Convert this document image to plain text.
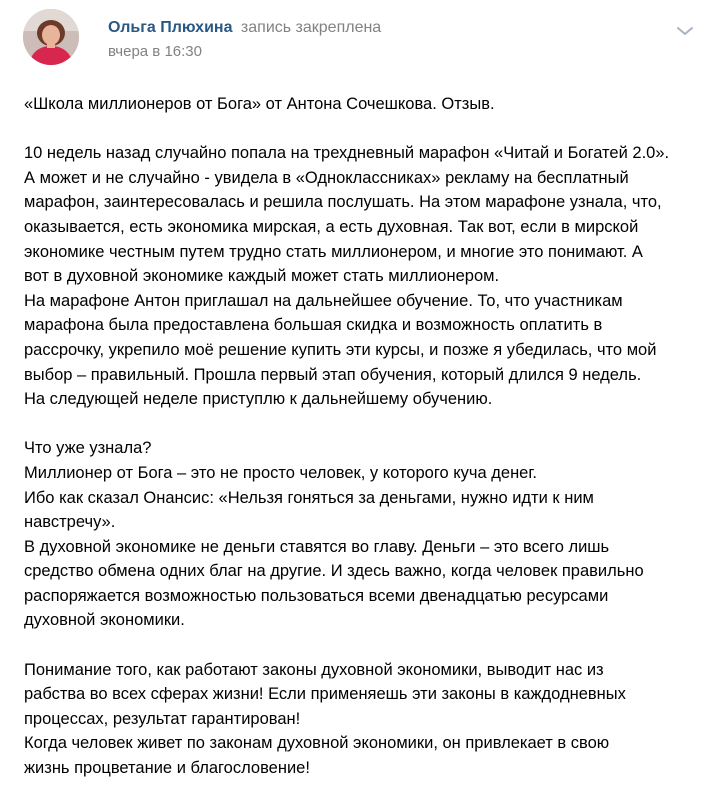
Ольга Плюхина запись закреплена
вчера в 16:30

«Школа миллионеров от Бога» от Антона Сочешкова. Отзыв.

10 недель назад случайно попала на трехдневный марафон «Читай и Богатей 2.0».

А может и не случайно - увидела в «Одноклассниках» рекламу на бесплатный

марафон, заинтересовалась и решила послушать. На этом марафоне узнала, что,

оказывается, есть экономика мирская, а есть духовная. Так вот, если в мирской

экономике честным путем трудно стать миллионером, и многие это понимают. А

вот в духовной экономике каждый может стать миллионером.

На марафоне Антон приглашал на дальнейшее обучение. То, что участникам

марафона была предоставлена большая скидка и возможность оплатить в

рассрочку, укрепило моё решение купить эти курсы, и позже я убедилась, что мой

выбор – правильный. Прошла первый этап обучения, который длился 9 недель.

На следующей неделе приступлю к дальнейшему обучению.

Что уже узнала?

Миллионер от Бога – это не просто человек, у которого куча денег.

Ибо как сказал Онансис: «Нельзя гоняться за деньгами, нужно идти к ним

навстречу».

В духовной экономике не деньги ставятся во главу. Деньги – это всего лишь

средство обмена одних благ на другие. И здесь важно, когда человек правильно

распоряжается возможностью пользоваться всеми двенадцатью ресурсами

духовной экономики.

Понимание того, как работают законы духовной экономики, выводит нас из

рабства во всех сферах жизни! Если применяешь эти законы в каждодневных

процессах, результат гарантирован!

Когда человек живет по законам духовной экономики, он привлекает в свою

жизнь процветание и благословение!
